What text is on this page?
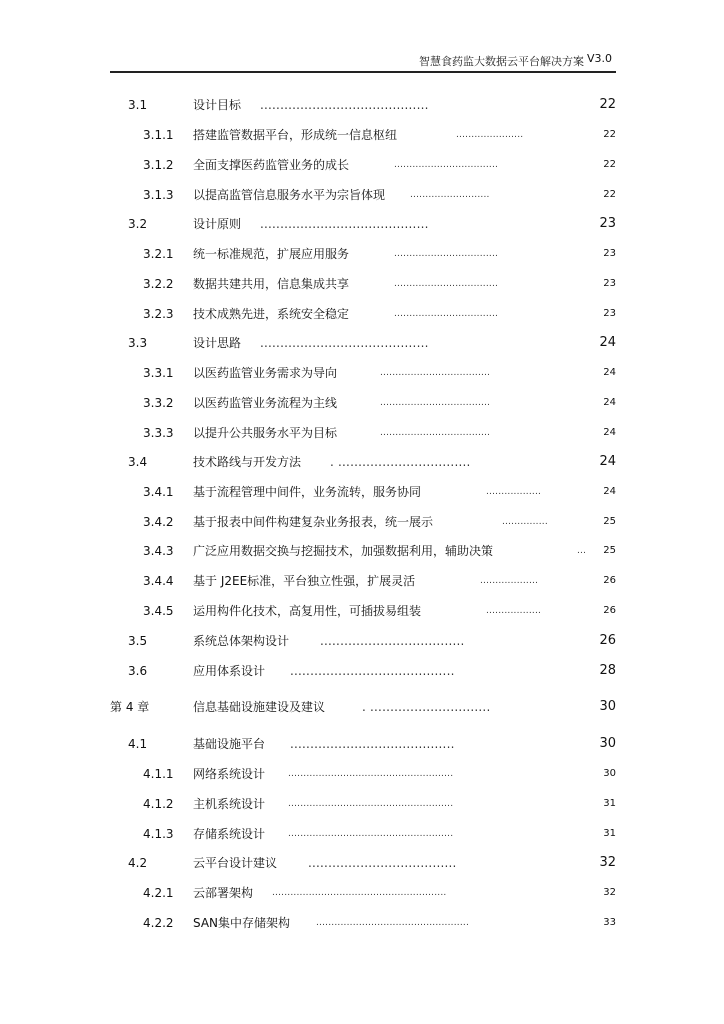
智慧食药监大数据云平台解决方案 V3.0
3.1	设计目标 ..........................................	22
3.1.1 搭建监管数据平台，形成统一信息枢纽	......................	22
3.1.2 全面支撑医药监管业务的成长	..................................	22
3.1.3 以提高监管信息服务水平为宗旨体现	..........................	22
3.2	设计原则 ..........................................	23
3.2.1 统一标准规范，扩展应用服务	..................................	23
3.2.2 数据共建共用，信息集成共享	..................................	23
3.2.3 技术成熟先进，系统安全稳定	..................................	23
3.3	设计思路 ..........................................	24
3.3.1 以医药监管业务需求为导向	....................................	24
3.3.2 以医药监管业务流程为主线	....................................	24
3.3.3 以提升公共服务水平为目标	....................................	24
3.4	技术路线与开发方法 . .................................	24
3.4.1 基于流程管理中间件，业务流转，服务协同	..................	24
3.4.2 基于报表中间件构建复杂业务报表，统一展示	...............	25
3.4.3 广泛应用数据交换与挖掘技术，加强数据利用，辅助决策	... 25
3.4.4 基于 J2EE标准，平台独立性强，扩展灵活	...................	26
3.4.5 运用构件化技术，高复用性，可插拔易组装	..................	26
3.5	系统总体架构设计	....................................	26
3.6	应用体系设计 .........................................	28
第 4 章	信息基础设施建设及建议	. ..............................	30
4.1	基础设施平台 .........................................	30
4.1.1 网络系统设计	......................................................	30
4.1.2 主机系统设计	......................................................	31
4.1.3 存储系统设计	......................................................	31
4.2	云平台设计建议	.....................................	32
4.2.1 云部署架构 .........................................................	32
4.2.2 SAN集中存储架构	..................................................	33
